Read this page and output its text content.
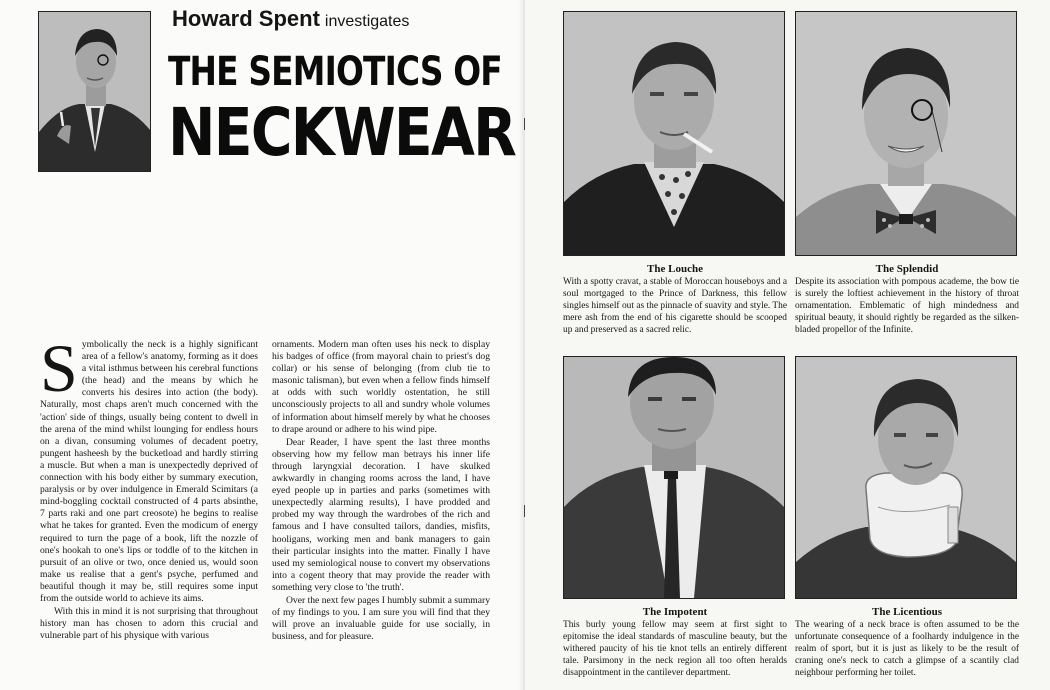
Howard Spent investigates
THE SEMIOTICS OF
NECKWEAR

Symbolically the neck is a highly significant area of a fellow's anatomy, forming as it does a vital isthmus between his cerebral functions (the head) and the means by which he converts his desires into action (the body). Naturally, most chaps aren't much concerned with the 'action' side of things, usually being content to dwell in the arena of the mind whilst lounging for endless hours on a divan, consuming volumes of decadent poetry, pungent hasheesh by the bucketload and hardly stirring a muscle. But when a man is unexpectedly deprived of connection with his body either by summary execution, paralysis or by over indulgence in Emerald Scimitars (a mind-boggling cocktail constructed of 4 parts absinthe, 7 parts raki and one part creosote) he begins to realise what he takes for granted. Even the modicum of energy required to turn the page of a book, lift the nozzle of one's hookah to one's lips or toddle of to the kitchen in pursuit of an olive or two, once denied us, would soon make us realise that a gent's psyche, perfumed and beautiful though it may be, still requires some input from the outside world to achieve its aims.

With this in mind it is not surprising that throughout history man has chosen to adorn this crucial and vulnerable part of his physique with various

ornaments. Modern man often uses his neck to display his badges of office (from mayoral chain to priest's dog collar) or his sense of belonging (from club tie to masonic talisman), but even when a fellow finds himself at odds with such worldly ostentation, he still unconsciously projects to all and sundry whole volumes of information about himself merely by what he chooses to drape around or adhere to his wind pipe.

Dear Reader, I have spent the last three months observing how my fellow man betrays his inner life through laryngxial decoration. I have skulked awkwardly in changing rooms across the land, I have eyed people up in parties and parks (sometimes with unexpectedly alarming results), I have prodded and probed my way through the wardrobes of the rich and famous and I have consulted tailors, dandies, misfits, hooligans, working men and bank managers to gain their particular insights into the matter. Finally I have used my semiological nouse to convert my observations into a cogent theory that may provide the reader with something very close to 'the truth'.

Over the next few pages I humbly submit a summary of my findings to you. I am sure you will find that they will prove an invaluable guide for use socially, in business, and for pleasure.

The Louche

With a spotty cravat, a stable of Moroccan houseboys and a soul mortgaged to the Prince of Darkness, this fellow singles himself out as the pinnacle of suavity and style. The mere ash from the end of his cigarette should be scooped up and preserved as a sacred relic.

The Splendid

Despite its association with pompous academe, the bow tie is surely the loftiest achievement in the history of throat ornamentation. Emblematic of high mindedness and spiritual beauty, it should rightly be regarded as the silken-bladed propellor of the Infinite.

The Impotent

This burly young fellow may seem at first sight to epitomise the ideal standards of masculine beauty, but the withered paucity of his tie knot tells an entirely different tale. Parsimony in the neck region all too often heralds disappointment in the cantilever department.

The Licentious

The wearing of a neck brace is often assumed to be the unfortunate consequence of a foolhardy indulgence in the realm of sport, but it is just as likely to be the result of craning one's neck to catch a glimpse of a scantily clad neighbour performing her toilet.
